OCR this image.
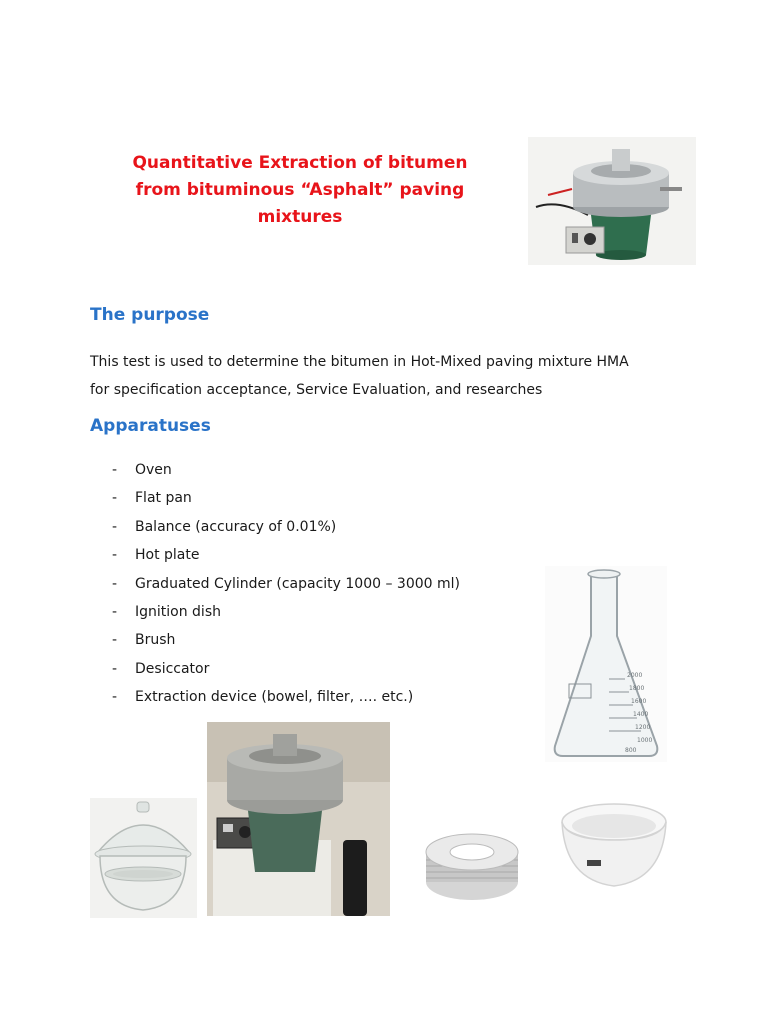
Quantitative Extraction of bitumen
from bituminous “Asphalt” paving
mixtures
The purpose
This test is used to determine the bitumen in Hot-Mixed paving mixture HMA
for specification acceptance, Service Evaluation, and researches
Apparatuses
- Oven
- Flat pan
- Balance (accuracy of 0.01%)
- Hot plate
- Graduated Cylinder (capacity 1000 – 3000 ml)
- Ignition dish
- Brush
- Desiccator
- Extraction device (bowel, filter, …. etc.)
2000
1800
1600
1400
1200
1000
800
